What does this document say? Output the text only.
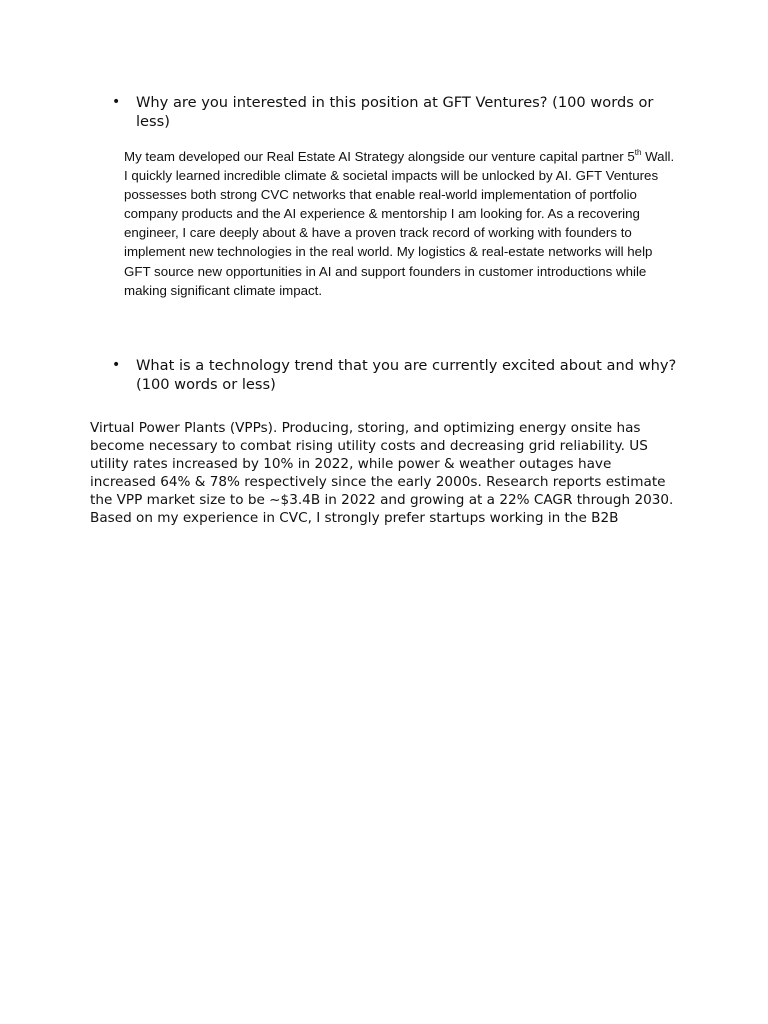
• Why are you interested in this position at GFT Ventures? (100 words or less)
My team developed our Real Estate AI Strategy alongside our venture capital partner 5th Wall. I quickly learned incredible climate & societal impacts will be unlocked by AI. GFT Ventures possesses both strong CVC networks that enable real-world implementation of portfolio company products and the AI experience & mentorship I am looking for. As a recovering engineer, I care deeply about & have a proven track record of working with founders to implement new technologies in the real world. My logistics & real-estate networks will help GFT source new opportunities in AI and support founders in customer introductions while making significant climate impact.
• What is a technology trend that you are currently excited about and why? (100 words or less)
Virtual Power Plants (VPPs). Producing, storing, and optimizing energy onsite has become necessary to combat rising utility costs and decreasing grid reliability. US utility rates increased by 10% in 2022, while power & weather outages have increased 64% & 78% respectively since the early 2000s. Research reports estimate the VPP market size to be ~$3.4B in 2022 and growing at a 22% CAGR through 2030. Based on my experience in CVC, I strongly prefer startups working in the B2B
